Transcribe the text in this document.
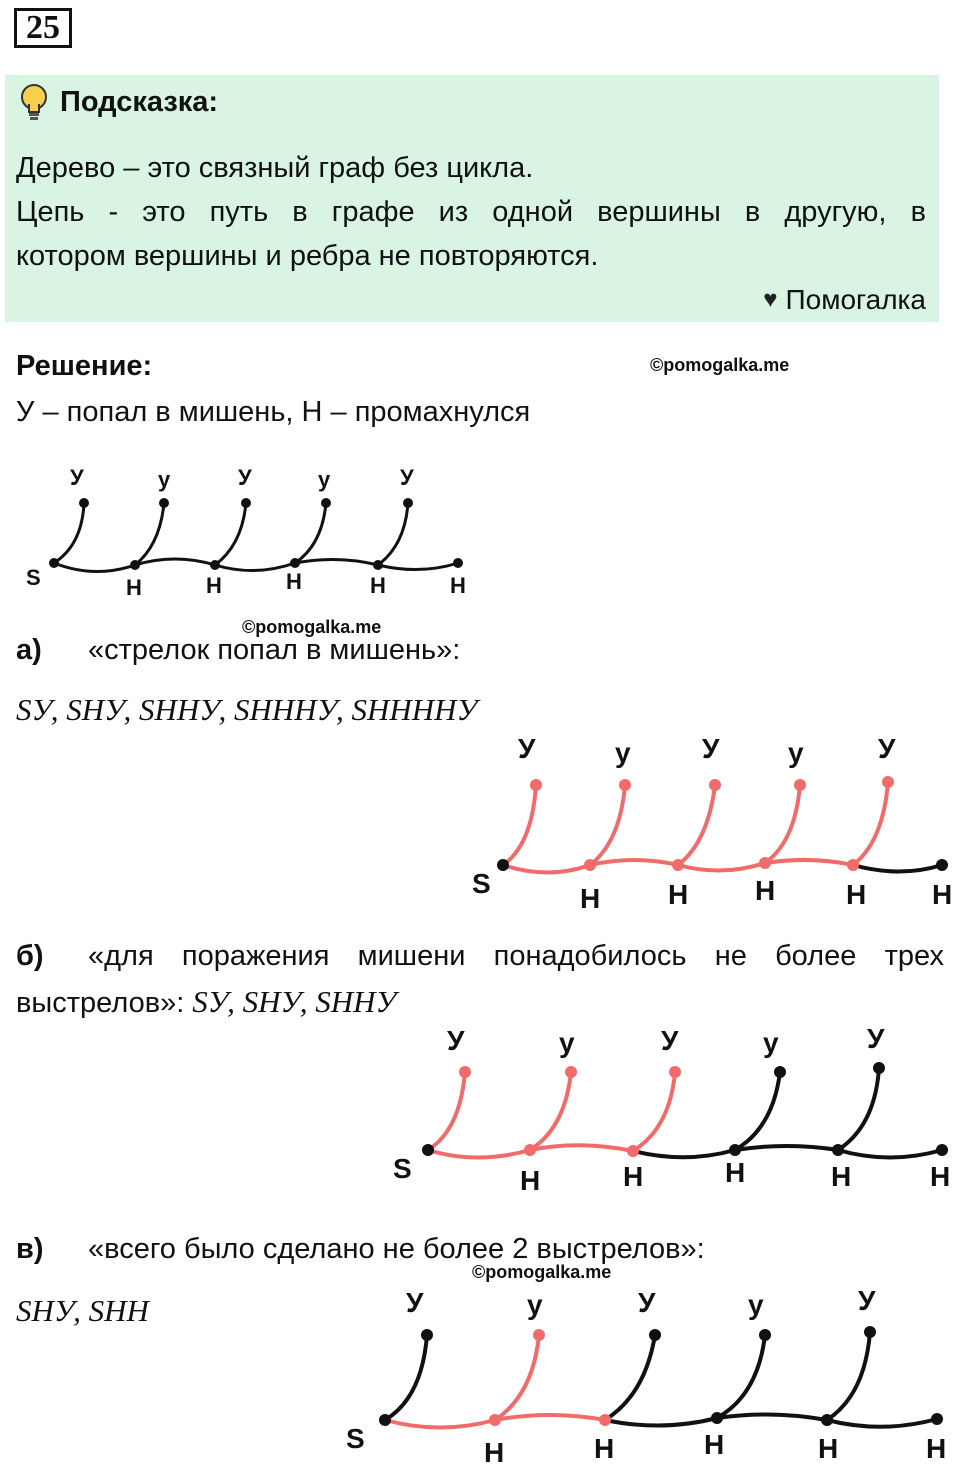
25
Подсказка:
Дерево – это связный граф без цикла.
Цепь - это путь в графе из одной вершины в другую, в
котором вершины и ребра не повторяются.
♥ Помогалка
Решение:	©pomogalka.me
У – попал в мишень, Н – промахнулся
S	Н	Н	Н	Н	Н
У	у	У	у	У
©pomogalka.me
а) «стрелок попал в мишень»:
SУ, SНУ, SННУ, SНННУ, SННННУ
S	Н Н Н	Н Н
У	у	У у	У
б) «для поражения мишени понадобилось не более трех
выстрелов»: SУ, SНУ, SННУ
S	Н	Н	Н	Н	Н
У	у	У	у	У
в) «всего было сделано не более 2 выстрелов»:
©pomogalka.me
SНУ, SНН
S	Н	Н	Н	Н	Н
У	у	У	у	У
